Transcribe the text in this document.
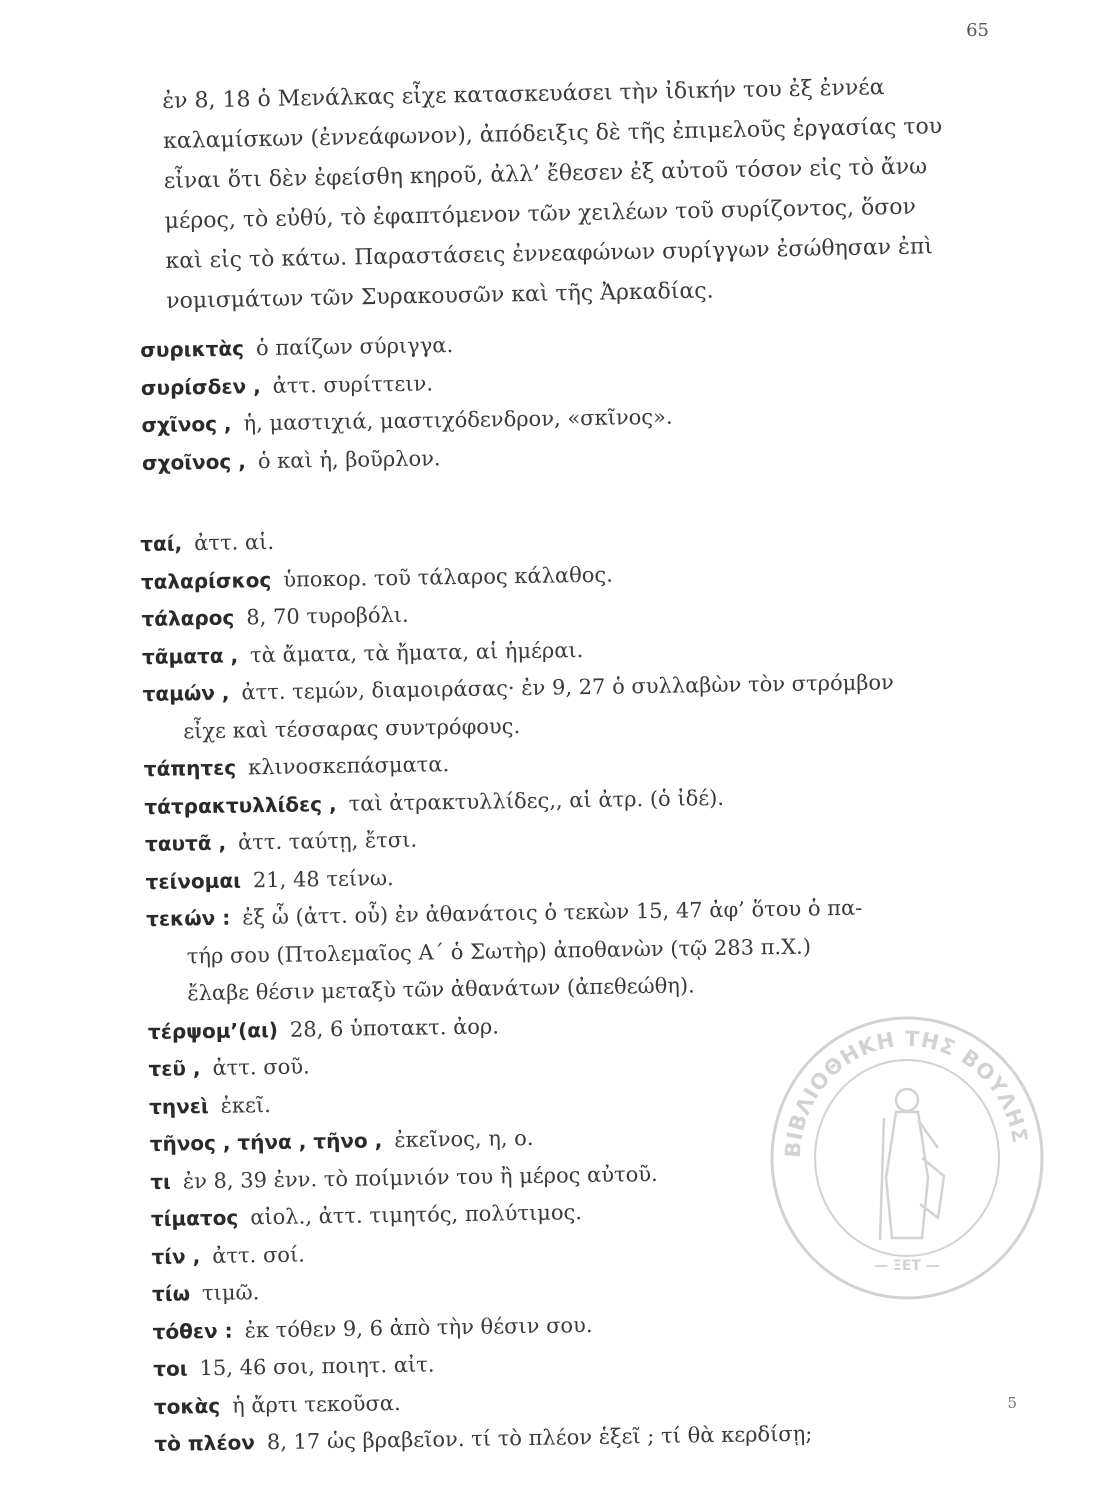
65
ἐν 8, 18 ὁ Μενάλκας εἶχε κατασκευάσει τὴν ἰδικήν του ἐξ ἐννέα
καλαμίσκων (ἐννεάφωνον), ἀπόδειξις δὲ τῆς ἐπιμελοῦς ἐργασίας του
εἶναι ὅτι δὲν ἐφείσθη κηροῦ, ἀλλ’ ἔθεσεν ἐξ αὐτοῦ τόσον εἰς τὸ ἄνω
μέρος, τὸ εὐθύ, τὸ ἐφαπτόμενον τῶν χειλέων τοῦ συρίζοντος, ὅσον
καὶ εἰς τὸ κάτω. Παραστάσεις ἐννεαφώνων συρίγγων ἐσώθησαν ἐπὶ
νομισμάτων τῶν Συρακουσῶν καὶ τῆς Ἀρκαδίας.
συρικτὰς ὁ παίζων σύριγγα.
συρίσδεν , ἀττ. συρίττειν.
σχῖνος , ἡ, μαστιχιά, μαστιχόδενδρον, «σκῖνος».
σχοῖνος , ὁ καὶ ἡ, βοῦρλον.
ταί, ἀττ. αἱ.
ταλαρίσκος ὑποκορ. τοῦ τάλαρος κάλαθος.
τάλαρος 8, 70 τυροβόλι.
τᾶματα , τὰ ἄματα, τὰ ἤματα, αἱ ἡμέραι.
ταμών , ἀττ. τεμών, διαμοιράσας· ἐν 9, 27 ὁ συλλαβὼν τὸν στρόμβον
εἶχε καὶ τέσσαρας συντρόφους.
τάπητες κλινοσκεπάσματα.
τάτρακτυλλίδες , ταὶ ἀτρακτυλλίδες,, αἱ ἀτρ. (ὁ ἰδέ).
ταυτᾶ , ἀττ. ταύτῃ, ἔτσι.
τείνομαι 21, 48 τείνω.
τεκών : ἐξ ὧ (ἀττ. οὗ) ἐν ἀθανάτοις ὁ τεκὼν 15, 47 ἀφ’ ὅτου ὁ πα-
τήρ σου (Πτολεμαῖος Α´ ὁ Σωτὴρ) ἀποθανὼν (τῷ 283 π.Χ.)
ἔλαβε θέσιν μεταξὺ τῶν ἀθανάτων (ἀπεθεώθη).
τέρψομ’(αι) 28, 6 ὑποτακτ. ἀορ.
τεῦ , ἀττ. σοῦ.
τηνεὶ ἐκεῖ.
τῆνος , τήνα , τῆνο , ἐκεῖνος, η, ο.
τι ἐν 8, 39 ἐνν. τὸ ποίμνιόν του ἢ μέρος αὐτοῦ.
τίματος αἰολ., ἀττ. τιμητός, πολύτιμος.
τίν , ἀττ. σοί.
τίω τιμῶ.
τόθεν : ἐκ τόθεν 9, 6 ἀπὸ τὴν θέσιν σου.
τοι 15, 46 σοι, ποιητ. αἰτ.
τοκὰς ἡ ἄρτι τεκοῦσα.
τὸ πλέον 8, 17 ὡς βραβεῖον. τί τὸ πλέον ἑξεῖ ; τί θὰ κερδίσῃ;
ΒΙΒΛΙΟΘΗΚΗ ΤΗΣ ΒΟΥΛΗΣ
— ΞΕΤ —
5
